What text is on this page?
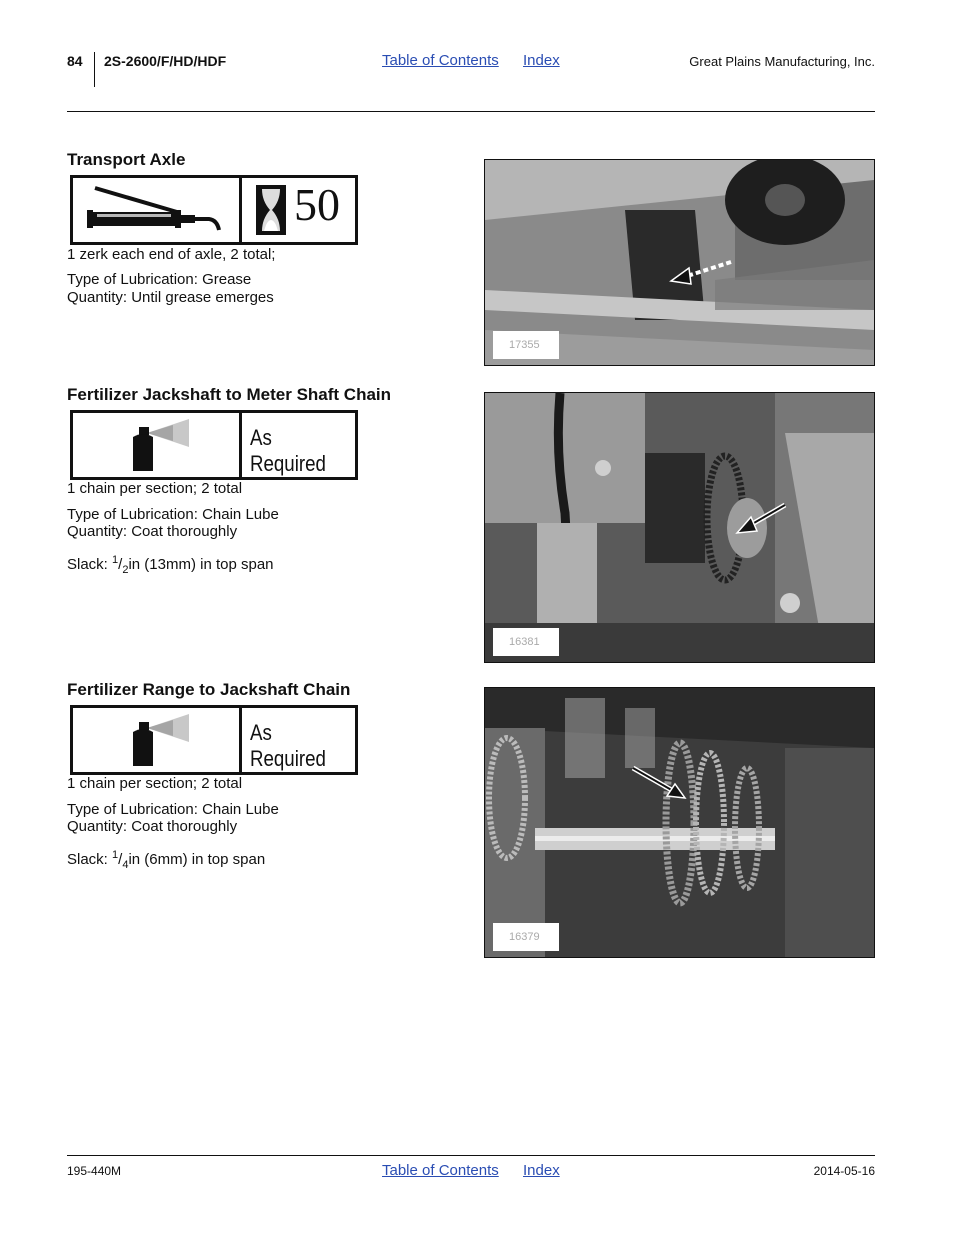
84 2S-2600/F/HD/HDF	Table of Contents Index	Great Plains Manufacturing, Inc.
Transport Axle
50
1 zerk each end of axle, 2 total;
Type of Lubrication: Grease
Quantity: Until grease emerges
17355
Fertilizer Jackshaft to Meter Shaft Chain
As Required
1 chain per section; 2 total
Type of Lubrication: Chain Lube
Quantity: Coat thoroughly
Slack: $^1/_2in$ (13mm) in top span
16381
Fertilizer Range to Jackshaft Chain
As Required
1 chain per section; 2 total
Type of Lubrication: Chain Lube
Quantity: Coat thoroughly
Slack: $^1/_4in$ (6mm) in top span
16379
195-440M	Table of Contents Index	2014-05-16
